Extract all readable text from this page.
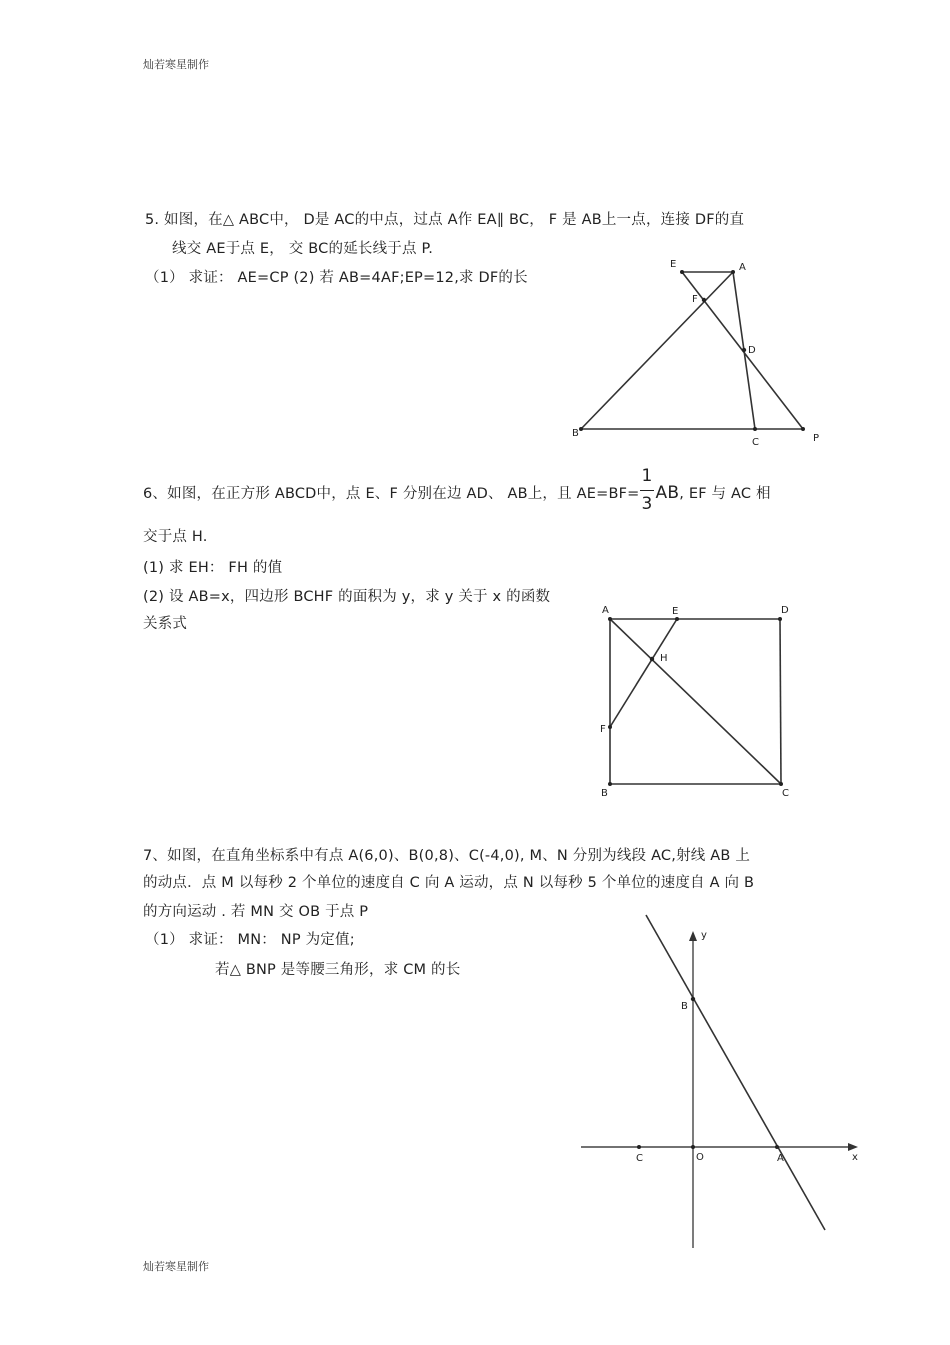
灿若寒星制作
5. 如图，在△ ABC中， D是 AC的中点，过点 A作 EA∥ BC， F 是 AB上一点，连接 DF的直
线交 AE于点 E， 交 BC的延长线于点 P.
（1） 求证： AE=CP (2) 若 AB=4AF;EP=12,求 DF的长
E	A
F
D
B
C	P
6、如图，在正方形 ABCD中，点 E、F 分别在边 AD、 AB上，且 $AE=BF= \frac{1}{3}$ AB, EF 与 AC 相
交于点 H.
(1) 求 EH： FH 的值
(2) 设 AB=x，四边形 BCHF 的面积为 y，求 y 关于 x 的函数
关系式
A	E	D
H
F
B	C
7、如图，在直角坐标系中有点 A(6,0)、B(0,8)、C(-4,0), M、N 分别为线段 AC,射线 AB 上
的动点．点 M 以每秒 2 个单位的速度自 C 向 A 运动，点 N 以每秒 5 个单位的速度自 A 向 B
的方向运动 . 若 MN 交 OB 于点 P
（1） 求证： MN： NP 为定值;
若△ BNP 是等腰三角形，求 CM 的长
y
B
C	O	A	x
灿若寒星制作
